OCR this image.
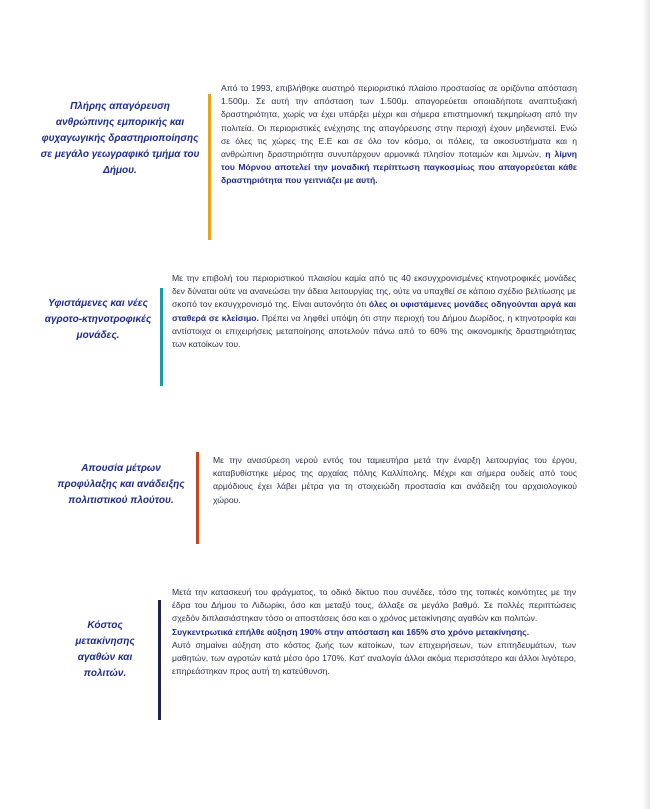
Πλήρης απαγόρευση ανθρώπινης εμπορικής και φυχαγωγικής δραστηριοποίησης σε μεγάλο γεωγραφικό τμήμα του Δήμου.
Από το 1993, επιβλήθηκε αυστηρό περιοριστικό πλαίσιο προστασίας σε οριζόντια απόσταση 1.500μ. Σε αυτή την απόσταση των 1.500μ. απαγορεύεται οποιαδήποτε αναπτυξιακή δραστηριότητα, χωρίς να έχει υπάρξει μέχρι και σήμερα επιστημονική τεκμηρίωση από την πολιτεία. Οι περιοριστικές ενέχησης της απαγόρευσης στην περιοχή έχουν μηδενιστεί. Ενώ σε όλες τις χώρες της Ε.Ε και σε όλο τον κόσμο, οι πόλεις, τα οικοσυστήματα και η ανθρώπινη δραστηριότητα συνυπάρχουν αρμονικά πλησίον ποταμών και λιμνών, η λίμνη του Μόρνου αποτελεί την μοναδική περίπτωση παγκοσμίως που απαγορεύεται κάθε δραστηριότητα που γειτνιάζει με αυτή.
Υφιστάμενες και νέες αγροτο-κτηνοτροφικές μονάδες.
Με την επιβολή του περιοριστικού πλαισίου καμία από τις 40 εκσυγχρονισμένες κτηνοτροφικές μονάδες δεν δύναται ούτε να ανανεώσει την άδεια λειτουργίας της, ούτε να υπαχθεί σε κάποιο σχέδιο βελτίωσης με σκοπό τον εκσυγχρονισμό της. Είναι αυτονόητο ότι όλες οι υφιστάμενες μονάδες οδηγούνται αργά και σταθερά σε κλείσιμο. Πρέπει να ληφθεί υπόψη ότι στην περιοχή του Δήμου Δωρίδος, η κτηνοτροφία και αντίστοιχα οι επιχειρήσεις μεταποίησης αποτελούν πάνω από το 60% της οικονομικής δραστηριότητας των κατοίκων του.
Απουσία μέτρων προφύλαξης και ανάδειξης πολιτιστικού πλούτου.
Με την ανασύρεση νερού εντός του ταμιευτήρα μετά την έναρξη λειτουργίας του έργου, καταβυθίστηκε μέρος της αρχαίας πόλης Καλλίπολης. Μέχρι και σήμερα ουδείς από τους αρμόδιους έχει λάβει μέτρα για τη στοιχειώδη προστασία και ανάδειξη του αρχαιολογικού χώρου.
Κόστος μετακίνησης αγαθών και πολιτών.

Μετά την κατασκευή του φράγματος, το οδικό δίκτυο που συνέδεε, τόσο της τοπικές κοινότητες με την έδρα του Δήμου το Λιδωρίκι, όσο και μεταξύ τους, άλλαξε σε μεγάλο βαθμό. Σε πολλές περιπτώσεις σχεδόν διπλασιάστηκαν τόσο οι αποστάσεις όσο και ο χρόνος μετακίνησης αγαθών και πολιτών.

Συγκεντρωτικά επήλθε αύξηση 190% στην απόσταση και 165% στο χρόνο μετακίνησης.

Αυτό σημαίνει αύξηση στο κόστος ζωής των κατοίκων, των επιχειρήσεων, των επιτηδευμάτων, των μαθητών, των αγροτών κατά μέσο όρο 170%. Κατ' αναλογία άλλοι ακόμα περισσότερο και άλλοι λιγότερο, επηρεάστηκαν προς αυτή τη κατεύθυνση.
